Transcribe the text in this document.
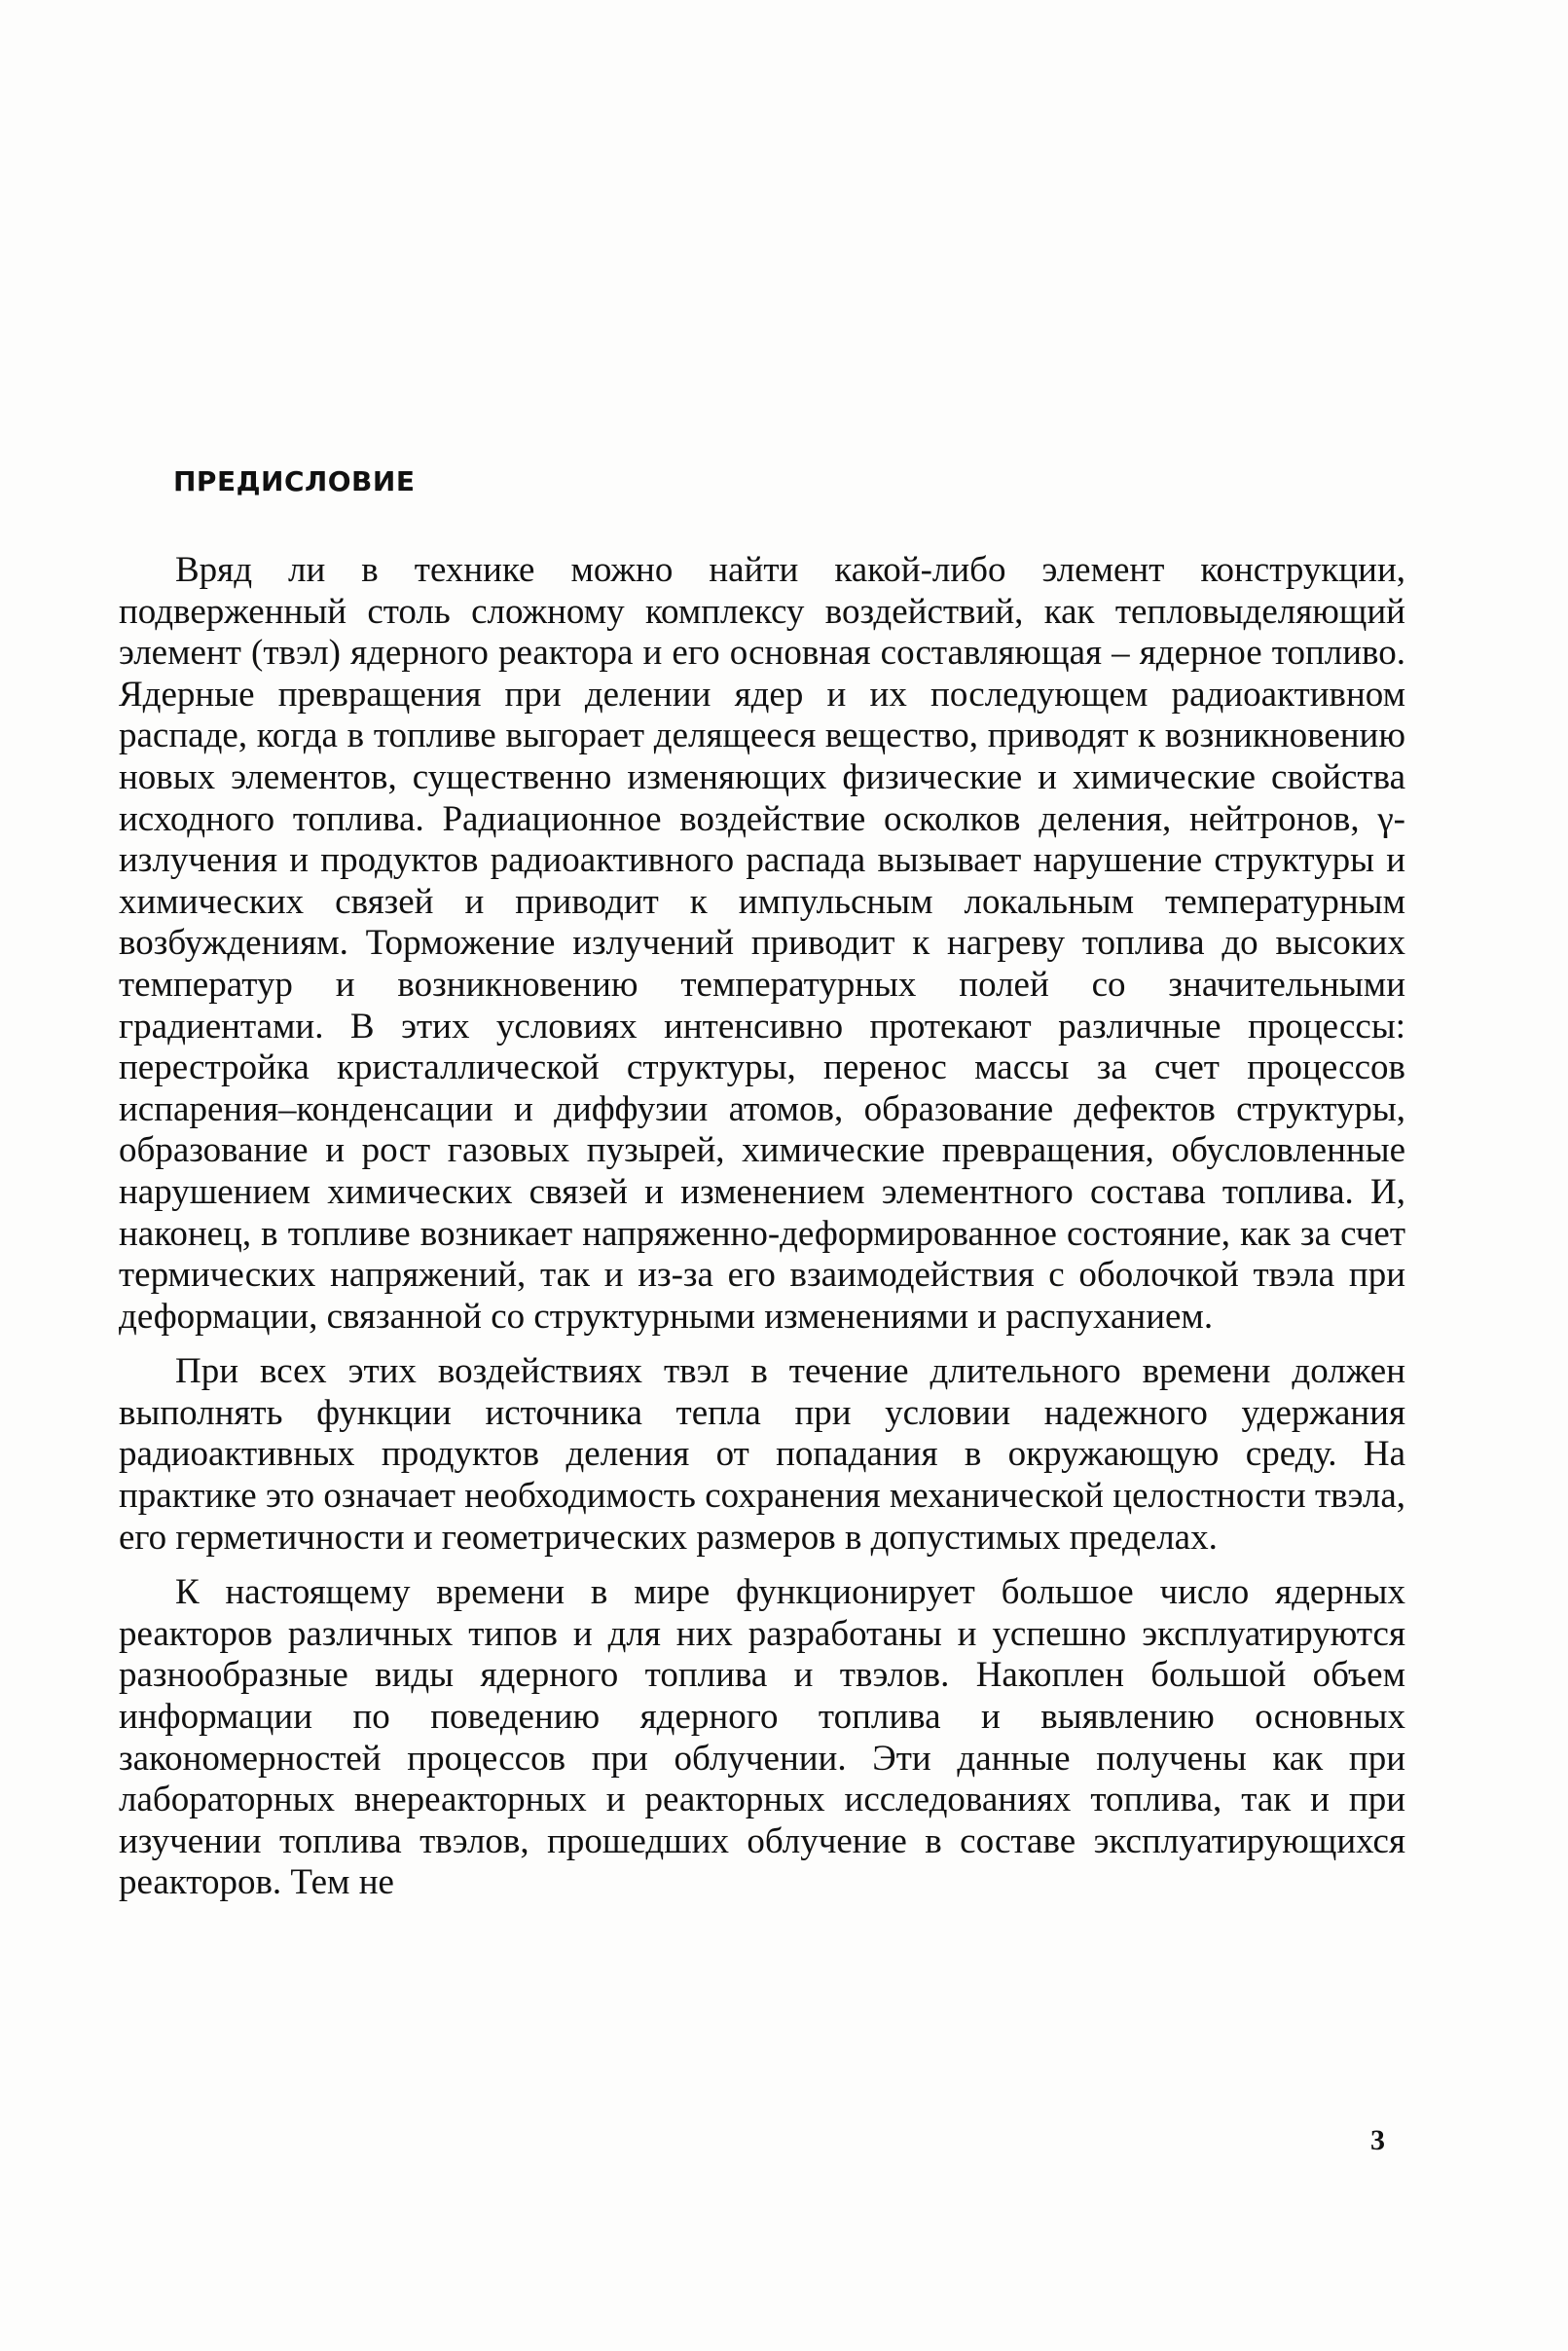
ПРЕДИСЛОВИЕ

Вряд ли в технике можно найти какой-либо элемент конструкции, подверженный столь сложному комплексу воздействий, как тепловыделяющий элемент (твэл) ядерного реактора и его основная составляющая – ядерное топливо. Ядерные превращения при делении ядер и их последующем радиоактивном распаде, когда в топливе выгорает делящееся вещество, приводят к возникновению новых элементов, существенно изменяющих физические и химические свойства исходного топлива. Радиационное воздействие осколков деления, нейтронов, γ-излучения и продуктов радиоактивного распада вызывает нарушение структуры и химических связей и приводит к импульсным локальным температурным возбуждениям. Торможение излучений приводит к нагреву топлива до высоких температур и возникновению температурных полей со значительными градиентами. В этих условиях интенсивно протекают различные процессы: перестройка кристаллической структуры, перенос массы за счет процессов испарения–конденсации и диффузии атомов, образование дефектов структуры, образование и рост газовых пузырей, химические превращения, обусловленные нарушением химических связей и изменением элементного состава топлива. И, наконец, в топливе возникает напряженно-деформированное состояние, как за счет термических напряжений, так и из-за его взаимодействия с оболочкой твэла при деформации, связанной со структурными изменениями и распуханием.

При всех этих воздействиях твэл в течение длительного времени должен выполнять функции источника тепла при условии надежного удержания радиоактивных продуктов деления от попадания в окружающую среду. На практике это означает необходимость сохранения механической целостности твэла, его герметичности и геометрических размеров в допустимых пределах.

К настоящему времени в мире функционирует большое число ядерных реакторов различных типов и для них разработаны и успешно эксплуатируются разнообразные виды ядерного топлива и твэлов. Накоплен большой объем информации по поведению ядерного топлива и выявлению основных закономерностей процессов при облучении. Эти данные получены как при лабораторных внереакторных и реакторных исследованиях топлива, так и при изучении топлива твэлов, прошедших облучение в составе эксплуатирующихся реакторов. Тем не

3
